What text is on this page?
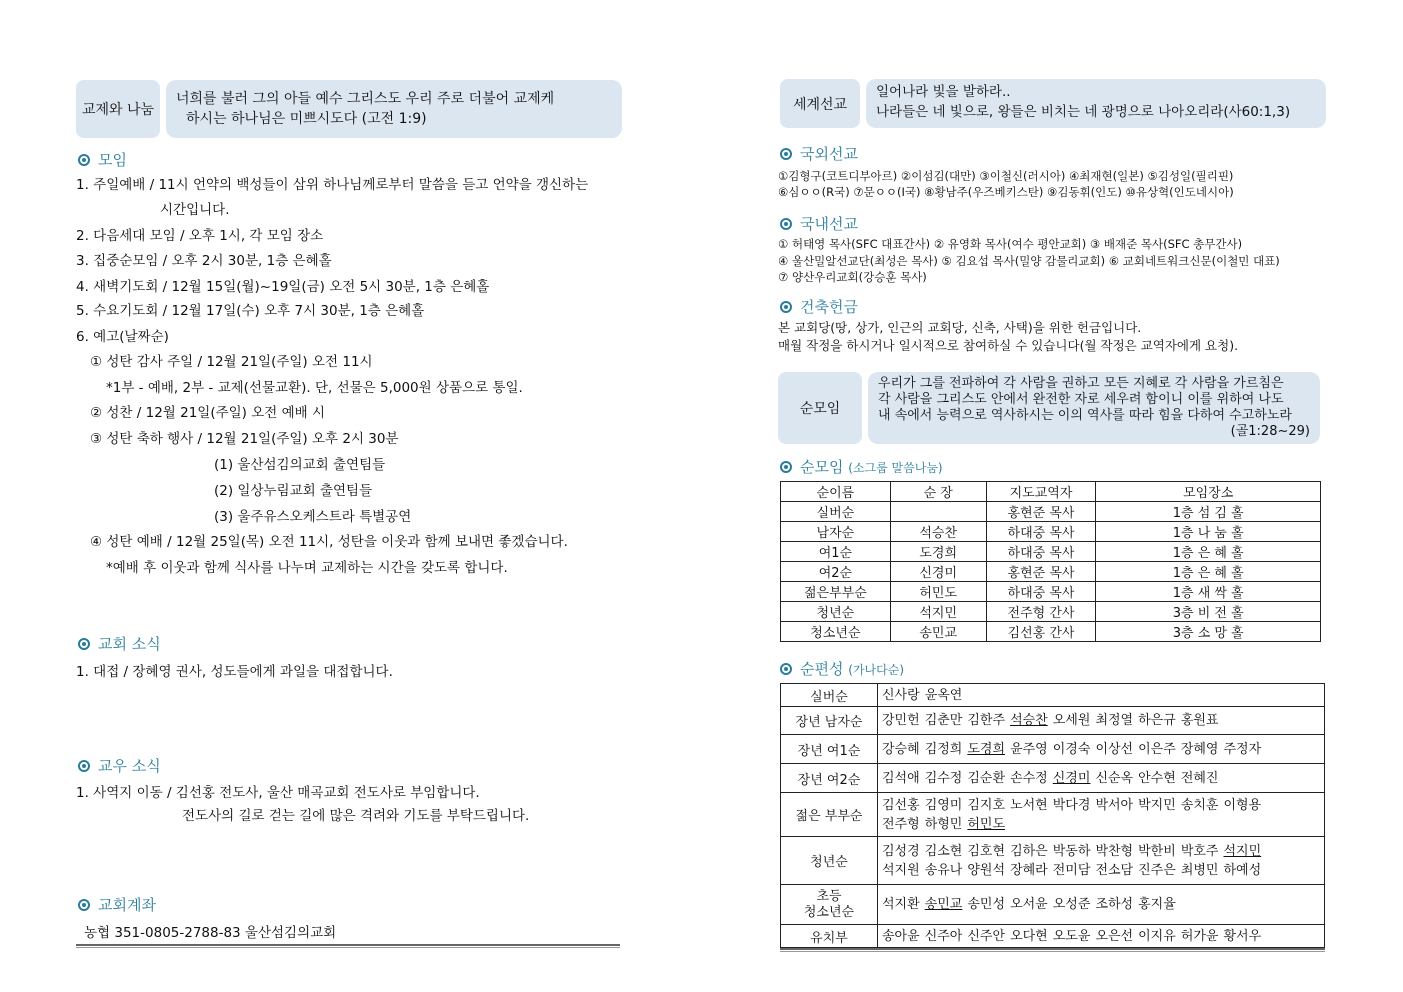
교제와 나눔
너희를 불러 그의 아들 예수 그리스도 우리 주로 더불어 교제케
하시는 하나님은 미쁘시도다 (고전 1:9)
모임
1. 주일예배 / 11시 언약의 백성들이 삼위 하나님께로부터 말씀을 듣고 언약을 갱신하는
시간입니다.
2. 다음세대 모임 / 오후 1시, 각 모임 장소
3. 집중순모임 / 오후 2시 30분, 1층 은혜홀
4. 새벽기도회 / 12월 15일(월)~19일(금) 오전 5시 30분, 1층 은혜홀
5. 수요기도회 / 12월 17일(수) 오후 7시 30분, 1층 은혜홀
6. 예고(날짜순)
① 성탄 감사 주일 / 12월 21일(주일) 오전 11시
*1부 - 예배, 2부 - 교제(선물교환). 단, 선물은 5,000원 상품으로 통일.
② 성찬 / 12월 21일(주일) 오전 예배 시
③ 성탄 축하 행사 / 12월 21일(주일) 오후 2시 30분
(1) 울산섬김의교회 출연팀들
(2) 일상누림교회 출연팀들
(3) 울주유스오케스트라 특별공연
④ 성탄 예배 / 12월 25일(목) 오전 11시, 성탄을 이웃과 함께 보내면 좋겠습니다.
*예배 후 이웃과 함께 식사를 나누며 교제하는 시간을 갖도록 합니다.
교회 소식
1. 대접 / 장혜영 권사, 성도들에게 과일을 대접합니다.
교우 소식
1. 사역지 이동 / 김선홍 전도사, 울산 매곡교회 전도사로 부임합니다.
전도사의 길로 걷는 길에 많은 격려와 기도를 부탁드립니다.
교회계좌
농협 351-0805-2788-83 울산섬김의교회
세계선교
일어나라 빛을 발하라..
나라들은 네 빛으로, 왕들은 비치는 네 광명으로 나아오리라(사60:1,3)
국외선교
①김형구(코트디부아르) ②이섬김(대만) ③이철신(러시아) ④최재현(일본) ⑤김성일(필리핀)
⑥심ㅇㅇ(R국) ⑦문ㅇㅇ(I국) ⑧황남주(우즈베키스탄) ⑨김동휘(인도) ⑩유상혁(인도네시아)
국내선교
① 허태영 목사(SFC 대표간사) ② 유영화 목사(여수 평안교회) ③ 배재준 목사(SFC 총무간사)
④ 울산밀알선교단(최성은 목사) ⑤ 김요섭 목사(밀양 감물리교회) ⑥ 교회네트워크신문(이철민 대표)
⑦ 양산우리교회(강승훈 목사)
건축헌금
본 교회당(땅, 상가, 인근의 교회당, 신축, 사택)을 위한 헌금입니다.
매월 작정을 하시거나 일시적으로 참여하실 수 있습니다(월 작정은 교역자에게 요청).
순모임
우리가 그를 전파하여 각 사람을 권하고 모든 지혜로 각 사람을 가르침은
각 사람을 그리스도 안에서 완전한 자로 세우려 함이니 이를 위하여 나도
내 속에서 능력으로 역사하시는 이의 역사를 따라 힘을 다하여 수고하노라
(골1:28~29)
순모임 (소그룹 말씀나눔)
순이름	순 장	지도교역자	모임장소
실버순		홍현준 목사	1층 섬 김 홀
남자순	석승찬	하대중 목사	1층 나 눔 홀
여1순	도경희	하대중 목사	1층 은 혜 홀
여2순	신경미	홍현준 목사	1층 은 혜 홀
젊은부부순	허민도	하대중 목사	1층 새 싹 홀
청년순	석지민	전주형 간사	3층 비 전 홀
청소년순	송민교	김선홍 간사	3층 소 망 홀
순편성 (가나다순)
실버순	신사랑 윤옥연

장년 남자순	강민헌 김춘만 김한주 석승찬 오세원 최정열 하은규 홍원표

장년 여1순	강승혜 김정희 도경희 윤주영 이경숙 이상선 이은주 장혜영 주정자

장년 여2순	김석애 김수정 김순환 손수정 신경미 신순옥 안수현 전혜진

젊은 부부순	김선홍 김영미 김지호 노서현 박다경 박서아 박지민 송치훈 이형용
전주형 하형민 허민도

청년순	김성경 김소현 김호현 김하은 박동하 박찬형 박한비 박호주 석지민
석지원 송유나 양원석 장혜라 전미담 전소담 진주은 최병민 하예성

초등
청소년순	석지환 송민교 송민성 오서윤 오성준 조하성 홍지율

유치부	송아윤 신주아 신주안 오다현 오도윤 오은선 이지유 허가윤 황서우
